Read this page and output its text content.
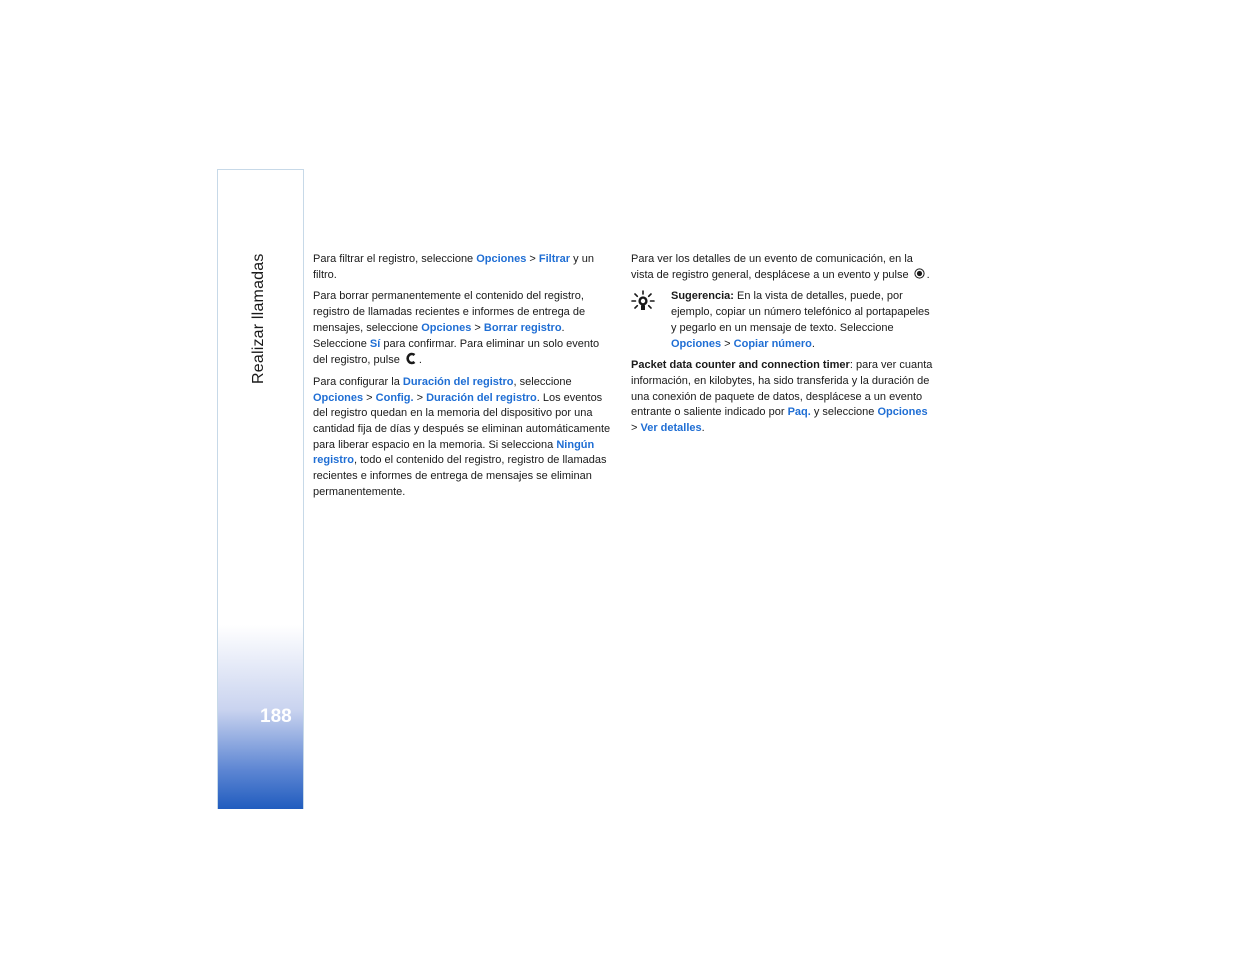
Realizar llamadas
188

Para filtrar el registro, seleccione Opciones > Filtrar y un filtro.

Para borrar permanentemente el contenido del registro, registro de llamadas recientes e informes de entrega de mensajes, seleccione Opciones > Borrar registro. Seleccione Sí para confirmar. Para eliminar un solo evento del registro, pulse .

Para configurar la Duración del registro, seleccione Opciones > Config. > Duración del registro. Los eventos del registro quedan en la memoria del dispositivo por una cantidad fija de días y después se eliminan automáticamente para liberar espacio en la memoria. Si selecciona Ningún registro, todo el contenido del registro, registro de llamadas recientes e informes de entrega de mensajes se eliminan permanentemente.

Para ver los detalles de un evento de comunicación, en la vista de registro general, desplácese a un evento y pulse .

Sugerencia: En la vista de detalles, puede, por ejemplo, copiar un número telefónico al portapapeles y pegarlo en un mensaje de texto. Seleccione Opciones > Copiar número.

Packet data counter and connection timer: para ver cuanta información, en kilobytes, ha sido transferida y la duración de una conexión de paquete de datos, desplácese a un evento entrante o saliente indicado por Paq. y seleccione Opciones > Ver detalles.
